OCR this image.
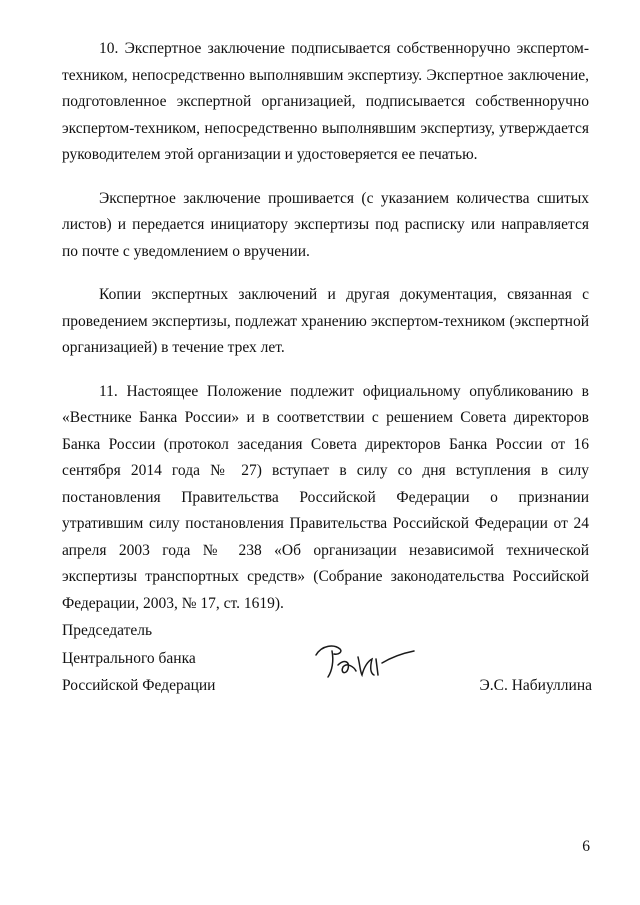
10. Экспертное заключение подписывается собственноручно экспертом-техником, непосредственно выполнявшим экспертизу. Экспертное заключение, подготовленное экспертной организацией, подписывается собственноручно экспертом-техником, непосредственно выполнявшим экспертизу, утверждается руководителем этой организации и удостоверяется ее печатью.

Экспертное заключение прошивается (с указанием количества сшитых листов) и передается инициатору экспертизы под расписку или направляется по почте с уведомлением о вручении.

Копии экспертных заключений и другая документация, связанная с проведением экспертизы, подлежат хранению экспертом-техником (экспертной организацией) в течение трех лет.

11. Настоящее Положение подлежит официальному опубликованию в «Вестнике Банка России» и в соответствии с решением Совета директоров Банка России (протокол заседания Совета директоров Банка России от 16 сентября 2014 года № 27) вступает в силу со дня вступления в силу постановления Правительства Российской Федерации о признании утратившим силу постановления Правительства Российской Федерации от 24 апреля 2003 года № 238 «Об организации независимой технической экспертизы транспортных средств» (Собрание законодательства Российской Федерации, 2003, № 17, ст. 1619).

Председатель
Центрального банка
Российской Федерации	Э.С. Набиуллина
6
